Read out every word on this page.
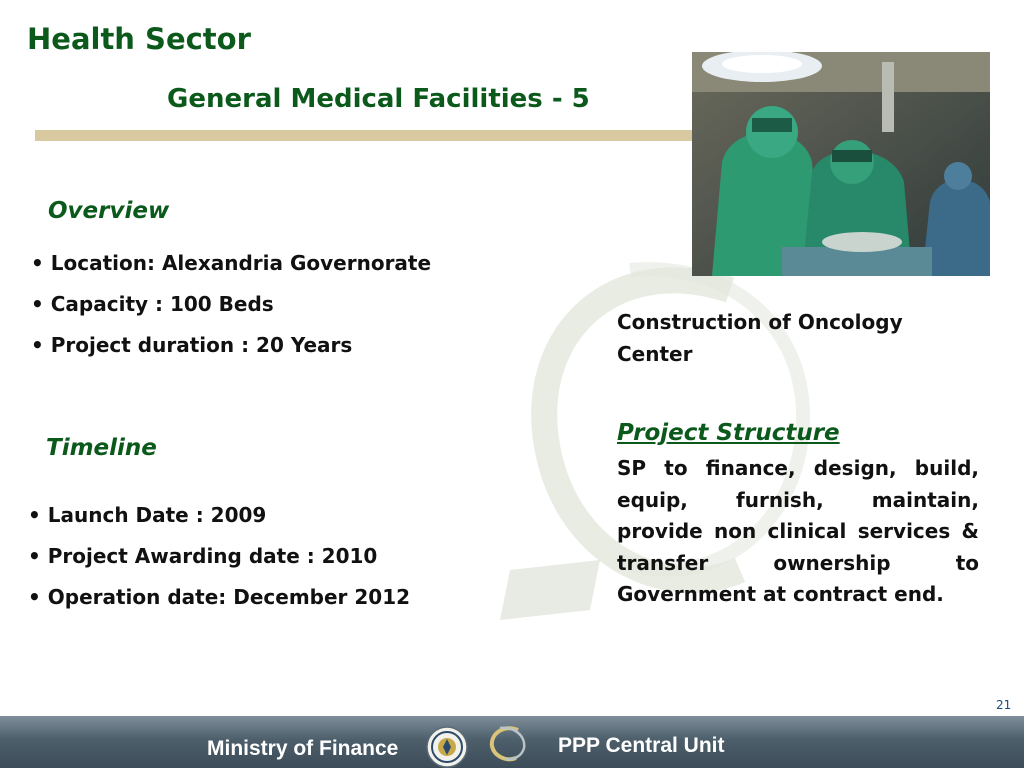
Health Sector
General Medical Facilities - 5
Overview
• Location: Alexandria Governorate
• Capacity : 100 Beds
• Project duration : 20 Years
Timeline
• Launch Date : 2009
• Project Awarding date : 2010
• Operation date: December 2012
Construction of Oncology Center
Project Structure
SP to finance, design, build, equip, furnish, maintain, provide non clinical services & transfer ownership to Government at contract end.
21
Ministry of Finance	PPP Central Unit
